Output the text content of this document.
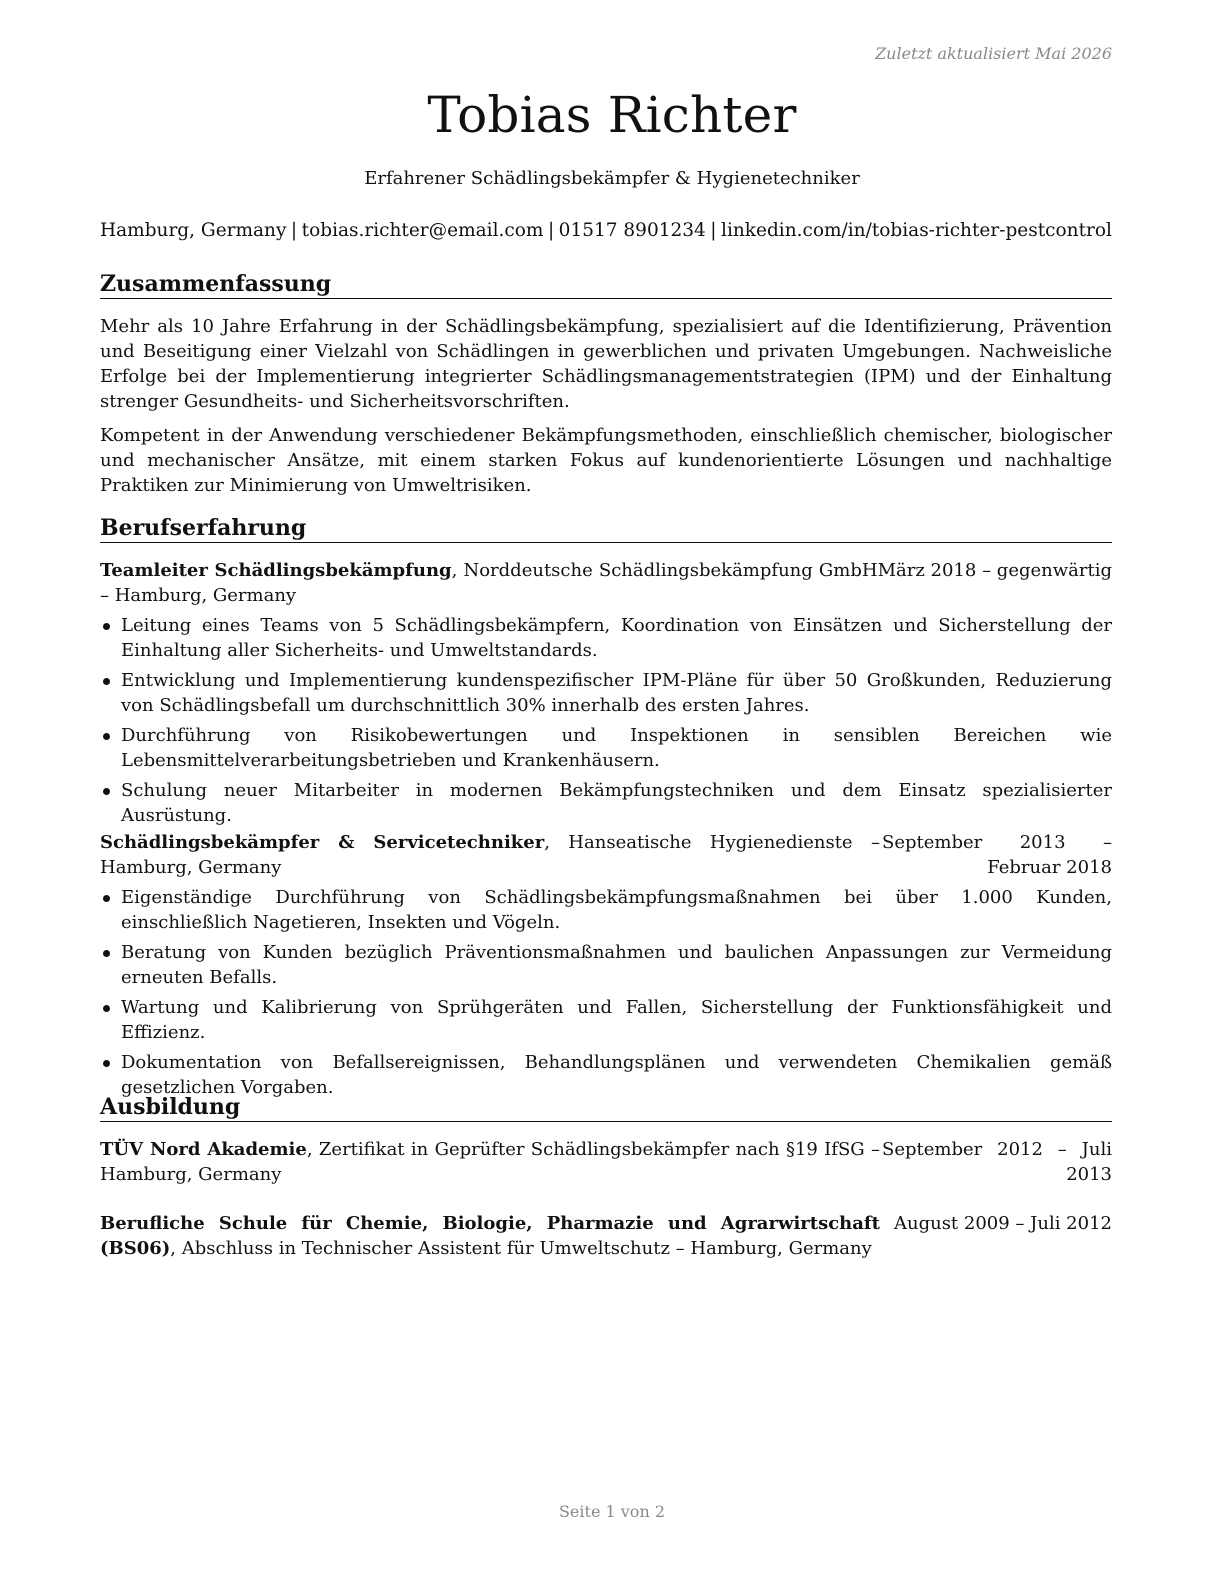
Zuletzt aktualisiert Mai 2026
Tobias Richter
Erfahrener Schädlingsbekämpfer & Hygienetechniker
Hamburg, Germany | tobias.richter@email.com | 01517 8901234 | linkedin.com/in/tobias-richter-pestcontrol
Zusammenfassung

Mehr als 10 Jahre Erfahrung in der Schädlingsbekämpfung, spezialisiert auf die Identifizierung, Prävention und Beseitigung einer Vielzahl von Schädlingen in gewerblichen und privaten Umgebungen. Nachweisliche Erfolge bei der Implementierung integrierter Schädlingsmanagementstrategien (IPM) und der Einhaltung strenger Gesundheits- und Sicherheitsvorschriften.

Kompetent in der Anwendung verschiedener Bekämpfungsmethoden, einschließlich chemischer, biologischer und mechanischer Ansätze, mit einem starken Fokus auf kundenorientierte Lösungen und nachhaltige Praktiken zur Minimierung von Umweltrisiken.

Berufserfahrung
Teamleiter Schädlingsbekämpfung, Norddeutsche Schädlingsbekämpfung GmbH – Hamburg, Germany
März 2018 – gegenwärtig
Leitung eines Teams von 5 Schädlingsbekämpfern, Koordination von Einsätzen und Sicherstellung der Einhaltung aller Sicherheits- und Umweltstandards.
Entwicklung und Implementierung kundenspezifischer IPM-Pläne für über 50 Großkunden, Reduzierung von Schädlingsbefall um durchschnittlich 30% innerhalb des ersten Jahres.
Durchführung von Risikobewertungen und Inspektionen in sensiblen Bereichen wie Lebensmittelverarbeitungsbetrieben und Krankenhäusern.
Schulung neuer Mitarbeiter in modernen Bekämpfungstechniken und dem Einsatz spezialisierter Ausrüstung.
Schädlingsbekämpfer & Servicetechniker, Hanseatische Hygienedienste – Hamburg, Germany
September 2013 – Februar 2018
Eigenständige Durchführung von Schädlingsbekämpfungsmaßnahmen bei über 1.000 Kunden, einschließlich Nagetieren, Insekten und Vögeln.
Beratung von Kunden bezüglich Präventionsmaßnahmen und baulichen Anpassungen zur Vermeidung erneuten Befalls.
Wartung und Kalibrierung von Sprühgeräten und Fallen, Sicherstellung der Funktionsfähigkeit und Effizienz.
Dokumentation von Befallsereignissen, Behandlungsplänen und verwendeten Chemikalien gemäß gesetzlichen Vorgaben.
Ausbildung
TÜV Nord Akademie, Zertifikat in Geprüfter Schädlingsbekämpfer nach §19 IfSG – Hamburg, Germany
September 2012 – Juli 2013
Berufliche Schule für Chemie, Biologie, Pharmazie und Agrarwirtschaft (BS06), Abschluss in Technischer Assistent für Umweltschutz – Hamburg, Germany
August 2009 – Juli 2012
Seite 1 von 2
